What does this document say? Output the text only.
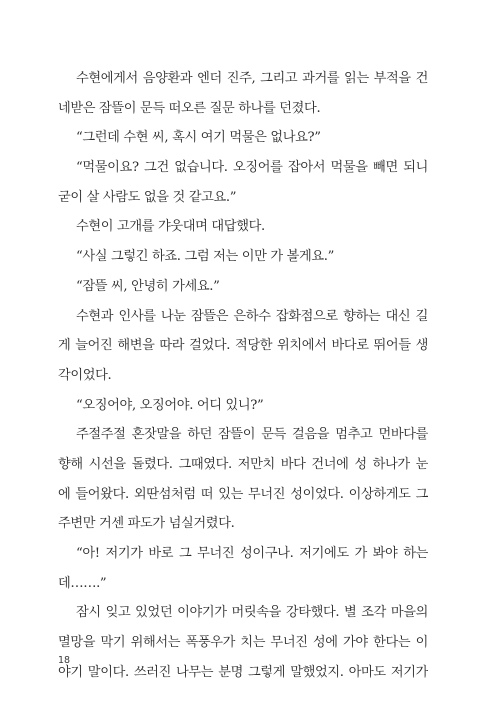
수현에게서 음양환과 엔더 진주, 그리고 과거를 읽는 부적을 건
네받은 잠뜰이 문득 떠오른 질문 하나를 던졌다.
“그런데 수현 씨, 혹시 여기 먹물은 없나요?”
“먹물이요? 그건 없습니다. 오징어를 잡아서 먹물을 빼면 되니
굳이 살 사람도 없을 것 같고요.”
수현이 고개를 갸웃대며 대답했다.
“사실 그렇긴 하죠. 그럼 저는 이만 가 볼게요.”
“잠뜰 씨, 안녕히 가세요.”
수현과 인사를 나눈 잠뜰은 은하수 잡화점으로 향하는 대신 길
게 늘어진 해변을 따라 걸었다. 적당한 위치에서 바다로 뛰어들 생
각이었다.
“오징어야, 오징어야. 어디 있니?”
주절주절 혼잣말을 하던 잠뜰이 문득 걸음을 멈추고 먼바다를
향해 시선을 돌렸다. 그때였다. 저만치 바다 건너에 성 하나가 눈
에 들어왔다. 외딴섬처럼 떠 있는 무너진 성이었다. 이상하게도 그
주변만 거센 파도가 넘실거렸다.
“아! 저기가 바로 그 무너진 성이구나. 저기에도 가 봐야 하는
데…….”
잠시 잊고 있었던 이야기가 머릿속을 강타했다. 별 조각 마을의
멸망을 막기 위해서는 폭풍우가 치는 무너진 성에 가야 한다는 이
야기 말이다. 쓰러진 나무는 분명 그렇게 말했었지. 아마도 저기가
18
